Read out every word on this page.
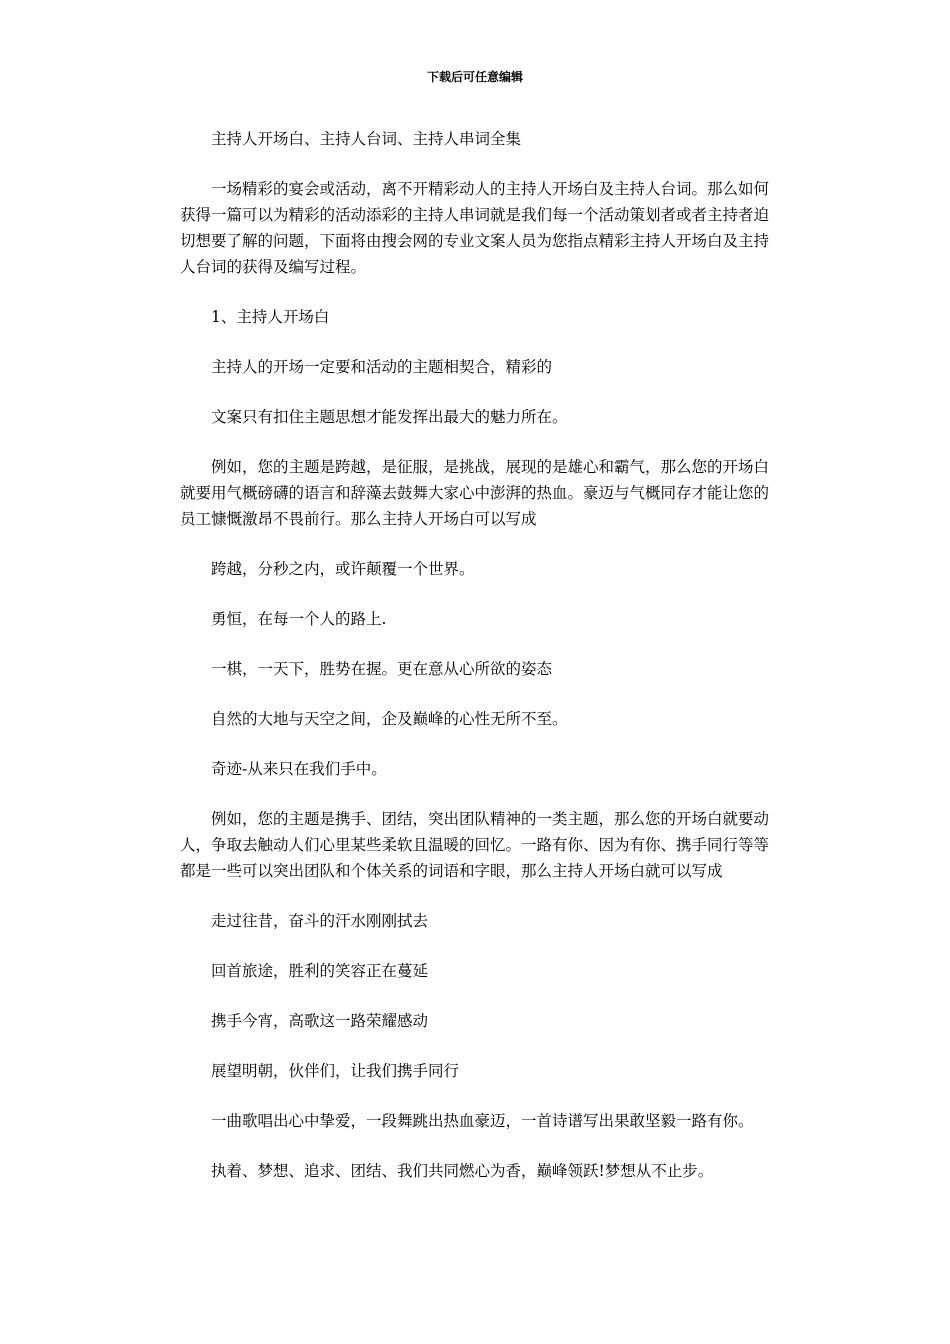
下载后可任意编辑

主持人开场白、主持人台词、主持人串词全集

一场精彩的宴会或活动，离不开精彩动人的主持人开场白及主持人台词。那么如何获得一篇可以为精彩的活动添彩的主持人串词就是我们每一个活动策划者或者主持者迫切想要了解的问题，下面将由搜会网的专业文案人员为您指点精彩主持人开场白及主持人台词的获得及编写过程。

1、主持人开场白

主持人的开场一定要和活动的主题相契合，精彩的

文案只有扣住主题思想才能发挥出最大的魅力所在。

例如，您的主题是跨越，是征服，是挑战，展现的是雄心和霸气，那么您的开场白就要用气概磅礴的语言和辞藻去鼓舞大家心中澎湃的热血。豪迈与气概同存才能让您的员工慷慨激昂不畏前行。那么主持人开场白可以写成

跨越，分秒之内，或许颠覆一个世界。

勇恒，在每一个人的路上.

一棋，一天下，胜势在握。更在意从心所欲的姿态

自然的大地与天空之间，企及巅峰的心性无所不至。

奇迹-从来只在我们手中。

例如，您的主题是携手、团结，突出团队精神的一类主题，那么您的开场白就要动人，争取去触动人们心里某些柔软且温暖的回忆。一路有你、因为有你、携手同行等等都是一些可以突出团队和个体关系的词语和字眼，那么主持人开场白就可以写成

走过往昔，奋斗的汗水刚刚拭去

回首旅途，胜利的笑容正在蔓延

携手今宵，高歌这一路荣耀感动

展望明朝，伙伴们，让我们携手同行

一曲歌唱出心中挚爱，一段舞跳出热血豪迈，一首诗谱写出果敢坚毅一路有你。

执着、梦想、追求、团结、我们共同燃心为香，巅峰领跃!梦想从不止步。
